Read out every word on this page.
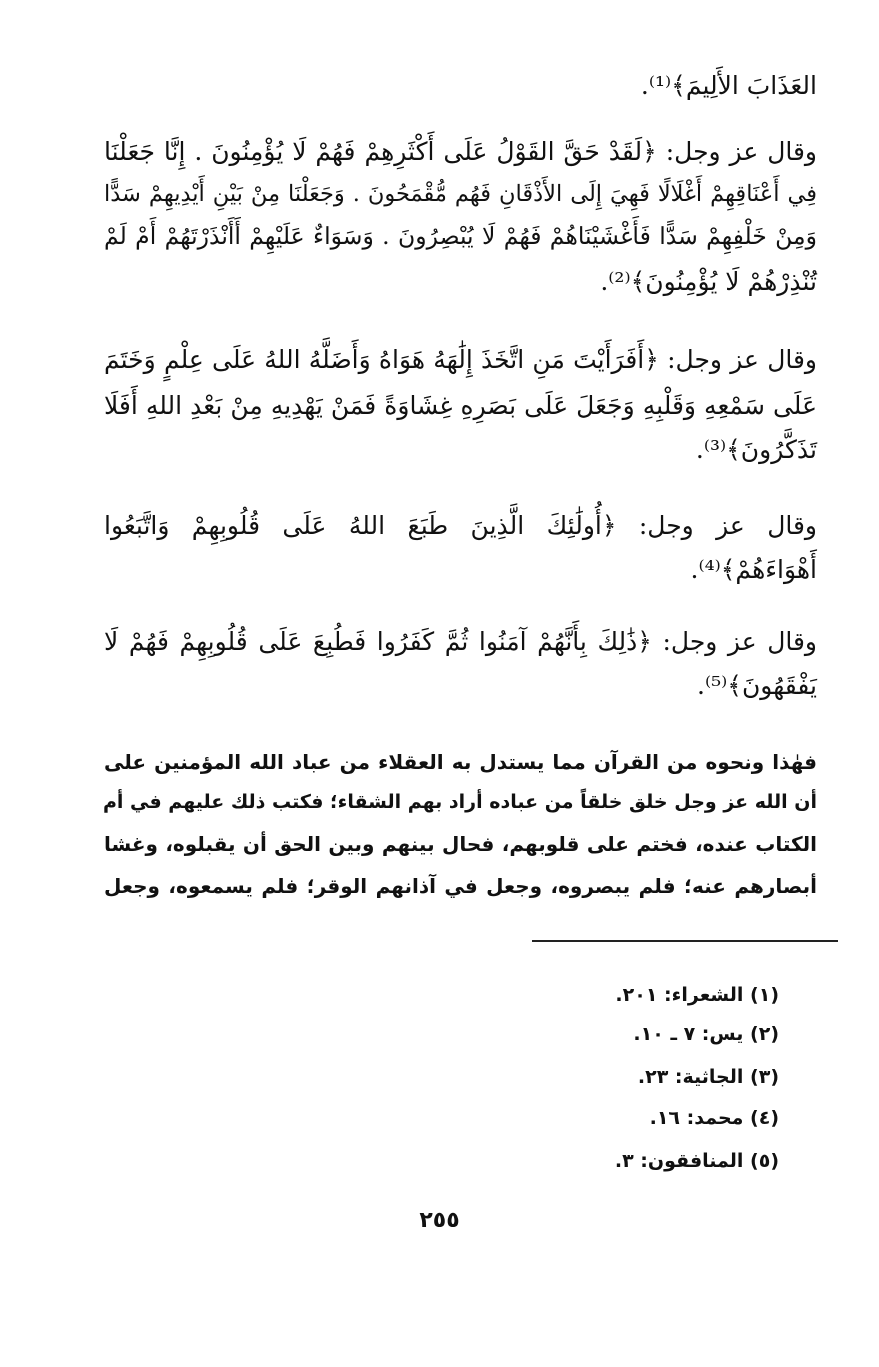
العَذَابَ الأَلِيمَ﴾⁽¹⁾.
وقال عز وجل: ﴿لَقَدْ حَقَّ القَوْلُ عَلَى أَكْثَرِهِمْ فَهُمْ لَا يُؤْمِنُونَ . إِنَّا جَعَلْنَا
فِي أَعْنَاقِهِمْ أَغْلَالًا فَهِيَ إِلَى الأَذْقَانِ فَهُم مُّقْمَحُونَ . وَجَعَلْنَا مِنْ بَيْنِ أَيْدِيهِمْ سَدًّا
وَمِنْ خَلْفِهِمْ سَدًّا فَأَغْشَيْنَاهُمْ فَهُمْ لَا يُبْصِرُونَ . وَسَوَاءٌ عَلَيْهِمْ أَأَنْذَرْتَهُمْ أَمْ لَمْ
تُنْذِرْهُمْ لَا يُؤْمِنُونَ﴾⁽²⁾.
وقال عز وجل: ﴿أَفَرَأَيْتَ مَنِ اتَّخَذَ إِلَٰهَهُ هَوَاهُ وَأَضَلَّهُ اللهُ عَلَى عِلْمٍ وَخَتَمَ
عَلَى سَمْعِهِ وَقَلْبِهِ وَجَعَلَ عَلَى بَصَرِهِ غِشَاوَةً فَمَنْ يَهْدِيهِ مِنْ بَعْدِ اللهِ أَفَلَا
تَذَكَّرُونَ﴾⁽³⁾.
وقال عز وجل: ﴿أُولَٰئِكَ الَّذِينَ طَبَعَ اللهُ عَلَى قُلُوبِهِمْ وَاتَّبَعُوا
أَهْوَاءَهُمْ﴾⁽⁴⁾.
وقال عز وجل: ﴿ذَٰلِكَ بِأَنَّهُمْ آمَنُوا ثُمَّ كَفَرُوا فَطُبِعَ عَلَى قُلُوبِهِمْ فَهُمْ لَا
يَفْقَهُونَ﴾⁽⁵⁾.
فهٰذا ونحوه من القرآن مما يستدل به العقلاء من عباد الله المؤمنين على
أن الله عز وجل خلق خلقاً من عباده أراد بهم الشقاء؛ فكتب ذلك عليهم في أم
الكتاب عنده، فختم على قلوبهم، فحال بينهم وبين الحق أن يقبلوه، وغشا
أبصارهم عنه؛ فلم يبصروه، وجعل في آذانهم الوقر؛ فلم يسمعوه، وجعل
(١) الشعراء: ٢٠١.
(٢) يس: ٧ ـ ١٠.
(٣) الجاثية: ٢٣.
(٤) محمد: ١٦.
(٥) المنافقون: ٣.
٢٥٥
